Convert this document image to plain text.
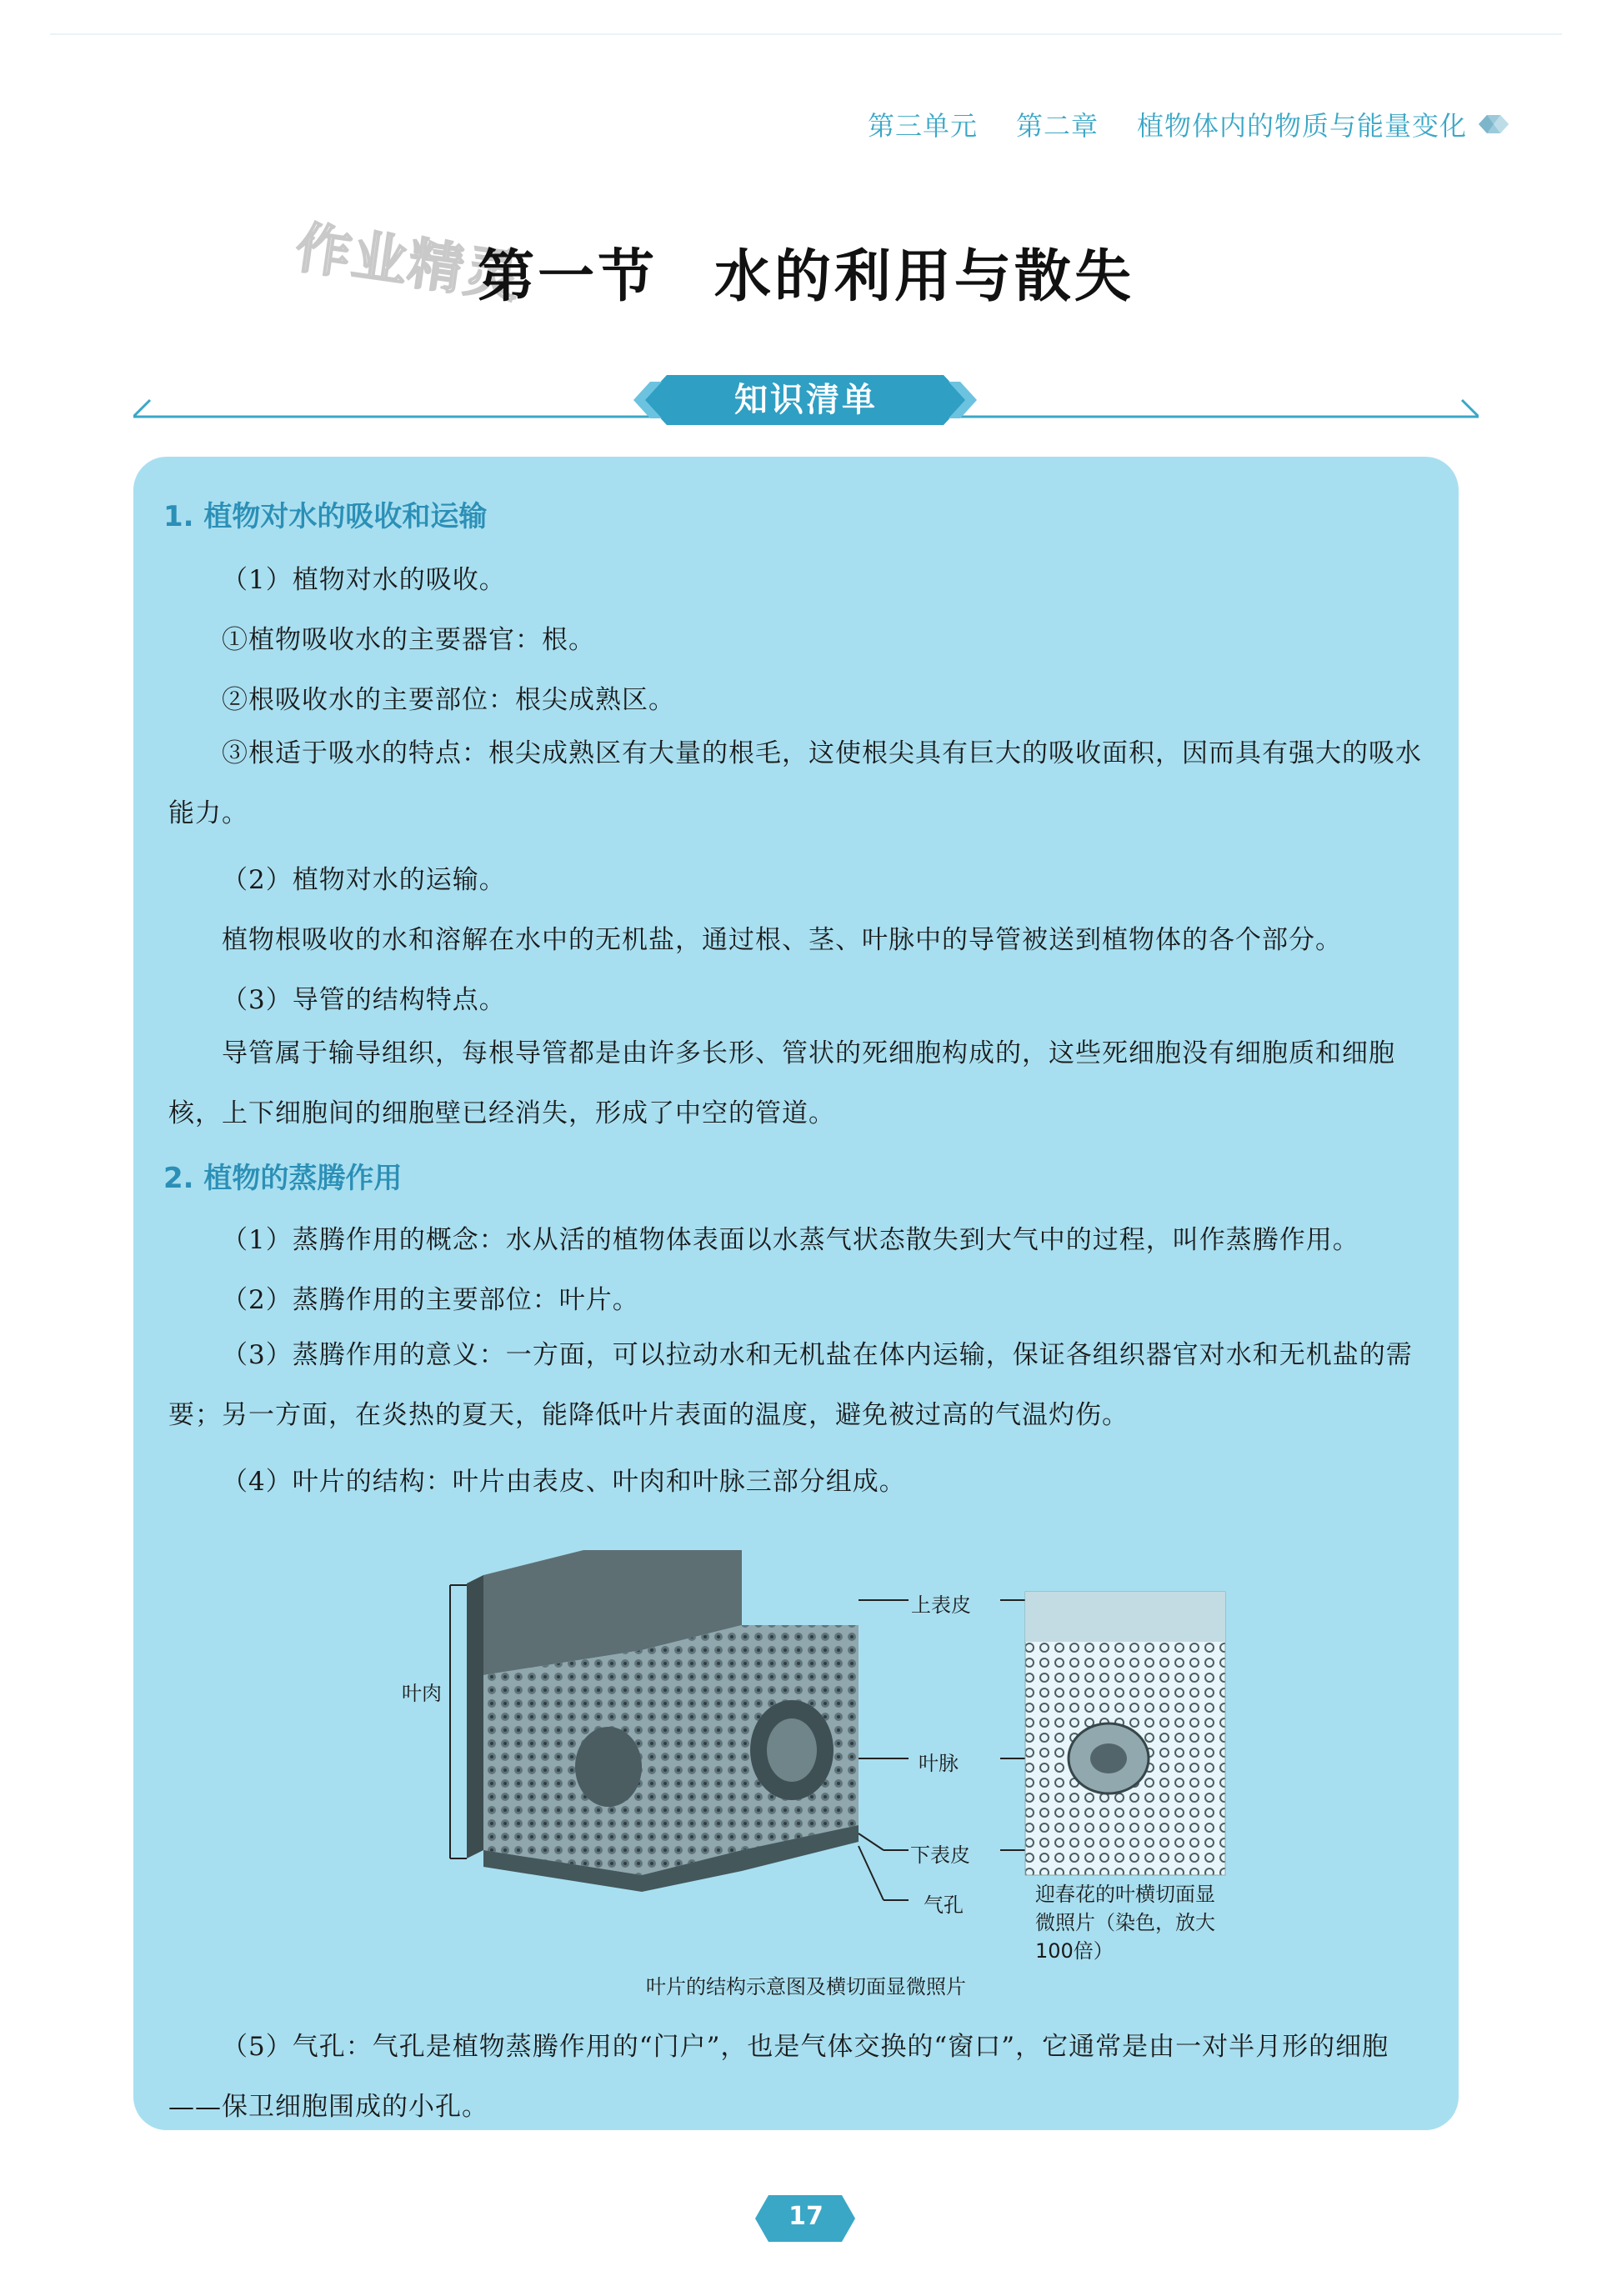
第三单元 第二章 植物体内的物质与能量变化
作业精灵
第一节 水的利用与散失
知识清单
1. 植物对水的吸收和运输
（1）植物对水的吸收。
①植物吸收水的主要器官：根。
②根吸收水的主要部位：根尖成熟区。
③根适于吸水的特点：根尖成熟区有大量的根毛，这使根尖具有巨大的吸收面积，因而具有强大的吸水能力。
（2）植物对水的运输。
植物根吸收的水和溶解在水中的无机盐，通过根、茎、叶脉中的导管被送到植物体的各个部分。
（3）导管的结构特点。
导管属于输导组织，每根导管都是由许多长形、管状的死细胞构成的，这些死细胞没有细胞质和细胞核，上下细胞间的细胞壁已经消失，形成了中空的管道。
2. 植物的蒸腾作用
（1）蒸腾作用的概念：水从活的植物体表面以水蒸气状态散失到大气中的过程，叫作蒸腾作用。
（2）蒸腾作用的主要部位：叶片。
（3）蒸腾作用的意义：一方面，可以拉动水和无机盐在体内运输，保证各组织器官对水和无机盐的需要；另一方面，在炎热的夏天，能降低叶片表面的温度，避免被过高的气温灼伤。
（4）叶片的结构：叶片由表皮、叶肉和叶脉三部分组成。
叶肉
上表皮
叶脉
下表皮
气孔	迎春花的叶横切面显微照片（染色，放大100倍）
叶片的结构示意图及横切面显微照片
（5）气孔：气孔是植物蒸腾作用的“门户”，也是气体交换的“窗口”，它通常是由一对半月形的细胞——保卫细胞围成的小孔。
17
